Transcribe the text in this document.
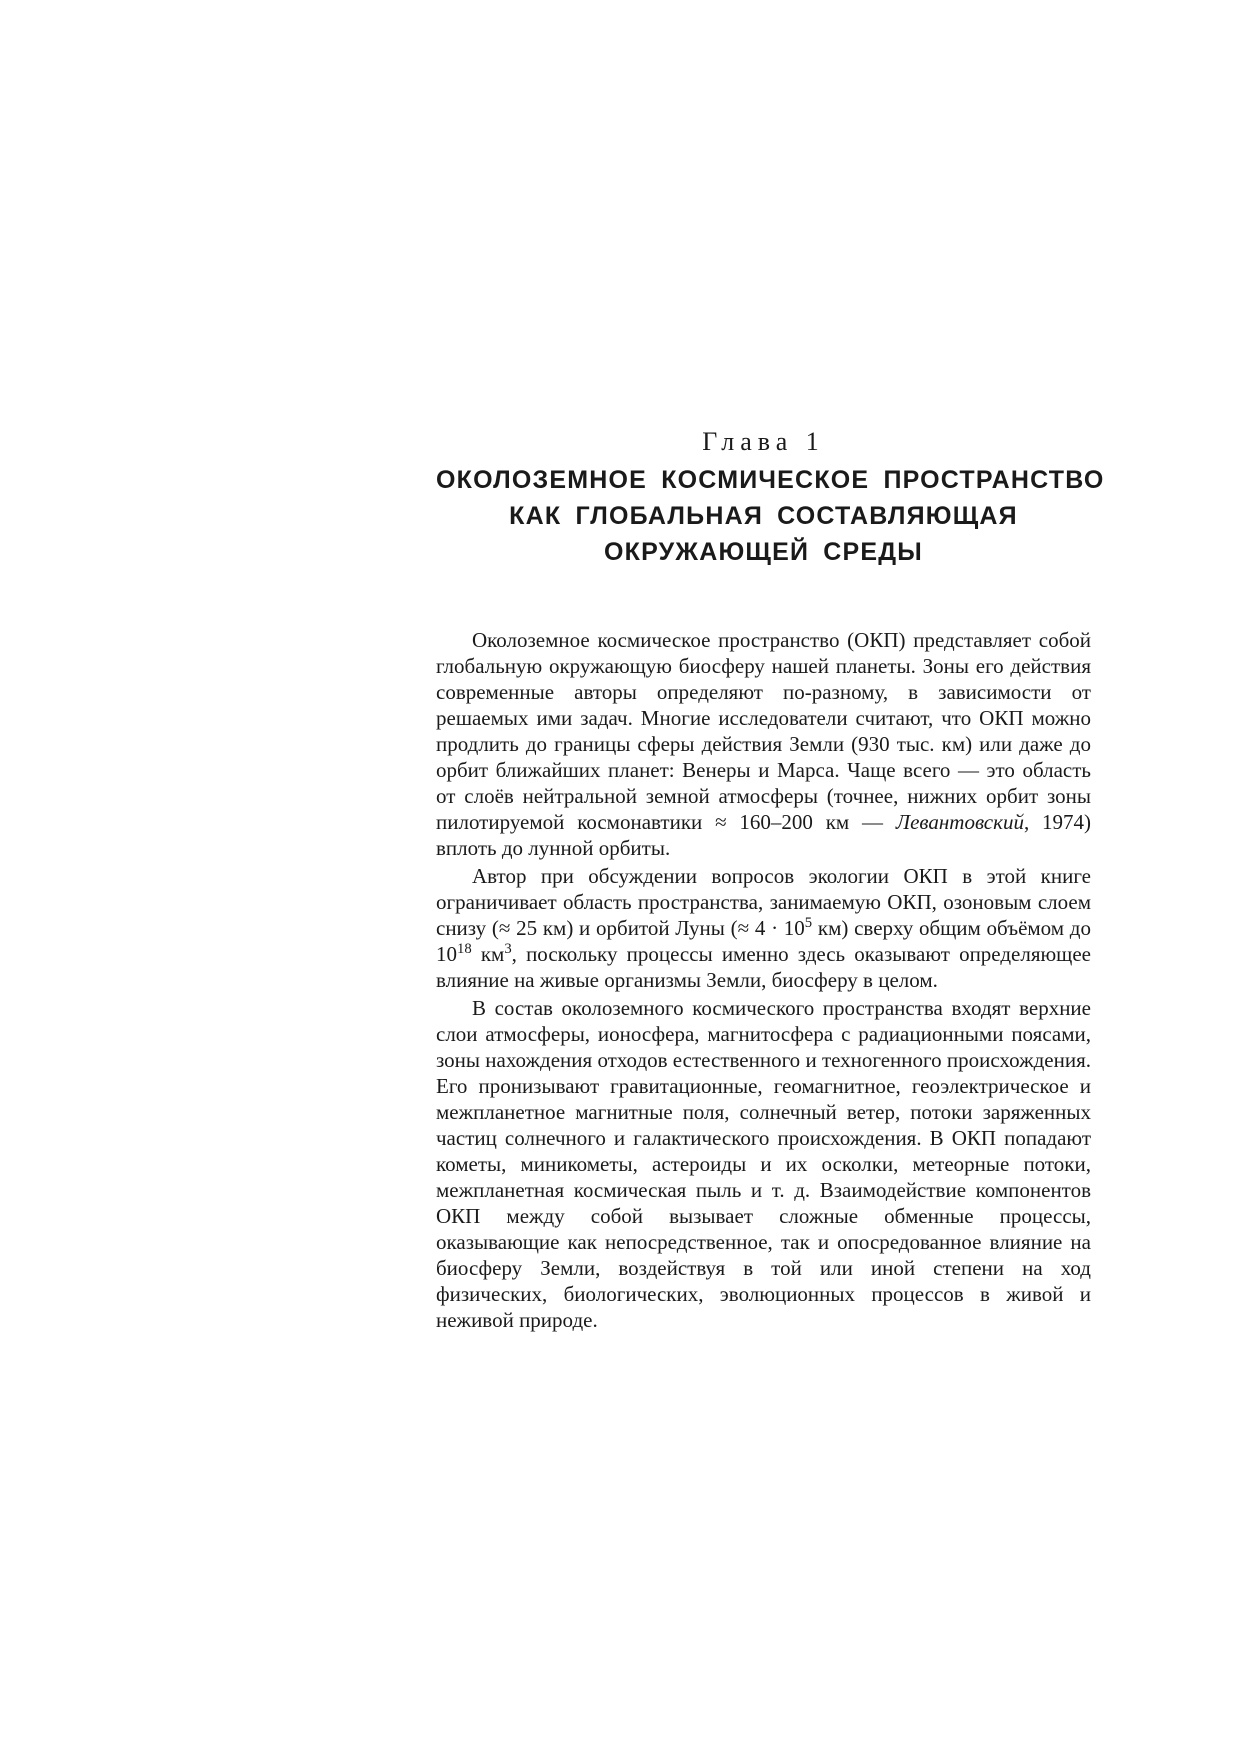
Глава 1
ОКОЛОЗЕМНОЕ КОСМИЧЕСКОЕ ПРОСТРАНСТВО
КАК ГЛОБАЛЬНАЯ СОСТАВЛЯЮЩАЯ
ОКРУЖАЮЩЕЙ СРЕДЫ

Околоземное космическое пространство (ОКП) представляет собой глобальную окружающую биосферу нашей планеты. Зоны его действия современные авторы определяют по-разному, в зависимости от решаемых ими задач. Многие исследователи считают, что ОКП можно продлить до границы сферы действия Земли (930 тыс. км) или даже до орбит ближайших планет: Венеры и Марса. Чаще всего — это область от слоёв нейтральной земной атмосферы (точнее, нижних орбит зоны пилотируемой космонавтики ≈ 160–200 км — Левантовский, 1974) вплоть до лунной орбиты.

Автор при обсуждении вопросов экологии ОКП в этой книге ограничивает область пространства, занимаемую ОКП, озоновым слоем снизу (≈ 25 км) и орбитой Луны (≈ $4 \cdot 10^5$ км) сверху общим объёмом до $10^{18}$ $км^3$, поскольку процессы именно здесь оказывают определяющее влияние на живые организмы Земли, биосферу в целом.

В состав околоземного космического пространства входят верхние слои атмосферы, ионосфера, магнитосфера с радиационными поясами, зоны нахождения отходов естественного и техногенного происхождения. Его пронизывают гравитационные, геомагнитное, геоэлектрическое и межпланетное магнитные поля, солнечный ветер, потоки заряженных частиц солнечного и галактического происхождения. В ОКП попадают кометы, миникометы, астероиды и их осколки, метеорные потоки, межпланетная космическая пыль и т. д. Взаимодействие компонентов ОКП между собой вызывает сложные обменные процессы, оказывающие как непосредственное, так и опосредованное влияние на биосферу Земли, воздействуя в той или иной степени на ход физических, биологических, эволюционных процессов в живой и неживой природе.
